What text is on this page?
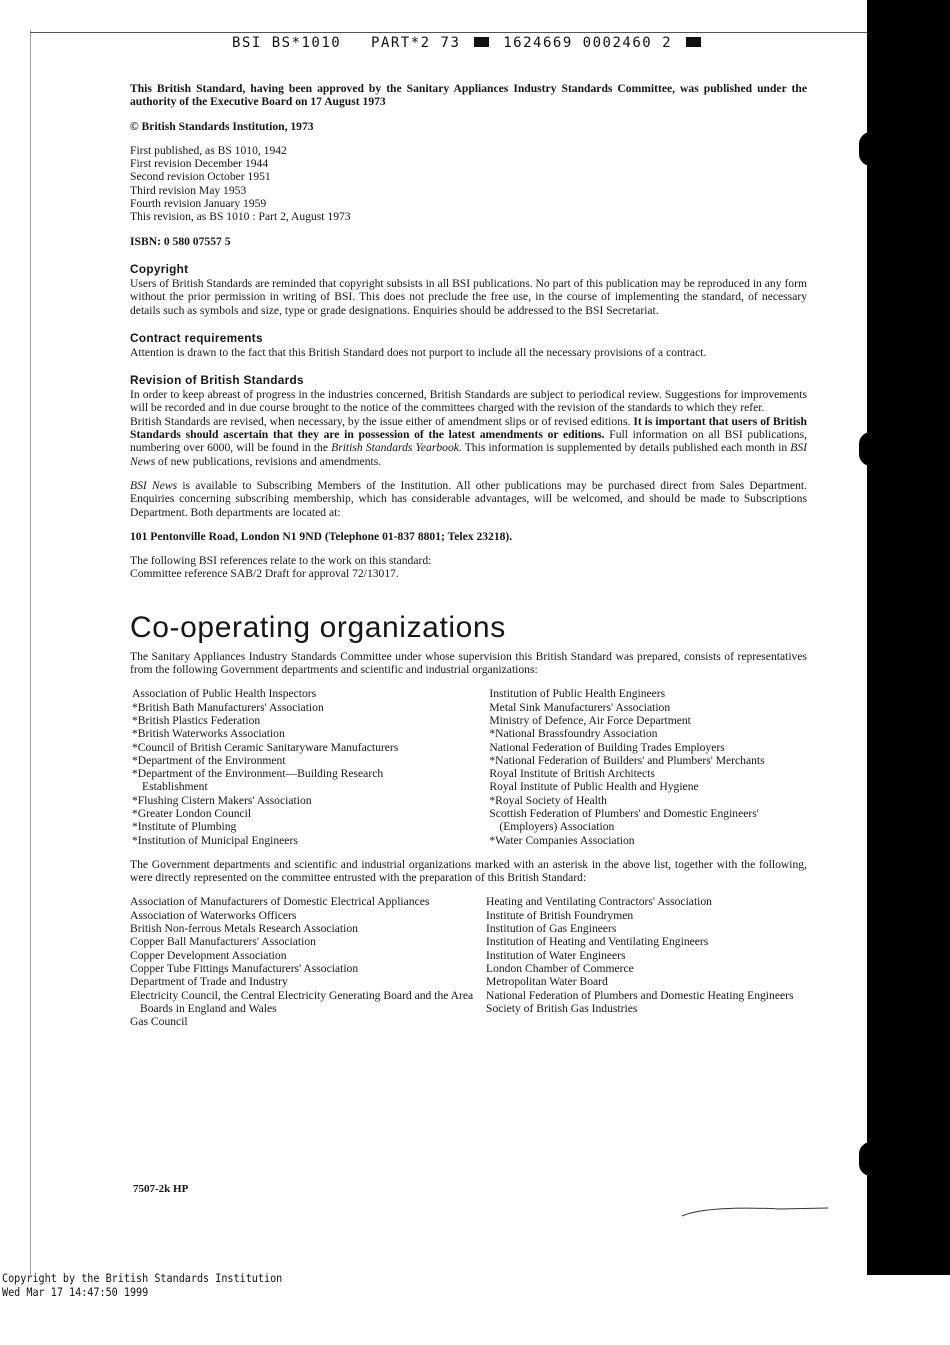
BSI BS*1010 PART*2 73	1624669 0002460 2

This British Standard, having been approved by the Sanitary Appliances Industry Standards Committee, was published under the authority of the Executive Board on 17 August 1973

© British Standards Institution, 1973

First published, as BS 1010, 1942

First revision December 1944

Second revision October 1951

Third revision May 1953

Fourth revision January 1959

This revision, as BS 1010 : Part 2, August 1973

ISBN: 0 580 07557 5

Copyright

Users of British Standards are reminded that copyright subsists in all BSI publications. No part of this publication may be reproduced in any form without the prior permission in writing of BSI. This does not preclude the free use, in the course of implementing the standard, of necessary details such as symbols and size, type or grade designations. Enquiries should be addressed to the BSI Secretariat.

Contract requirements

Attention is drawn to the fact that this British Standard does not purport to include all the necessary provisions of a contract.

Revision of British Standards

In order to keep abreast of progress in the industries concerned, British Standards are subject to periodical review. Suggestions for improvements will be recorded and in due course brought to the notice of the committees charged with the revision of the standards to which they refer.

British Standards are revised, when necessary, by the issue either of amendment slips or of revised editions. It is important that users of British Standards should ascertain that they are in possession of the latest amendments or editions. Full information on all BSI publications, numbering over 6000, will be found in the British Standards Yearbook. This information is supplemented by details published each month in BSI News of new publications, revisions and amendments.

BSI News is available to Subscribing Members of the Institution. All other publications may be purchased direct from Sales Department. Enquiries concerning subscribing membership, which has considerable advantages, will be welcomed, and should be made to Subscriptions Department. Both departments are located at:

101 Pentonville Road, London N1 9ND (Telephone 01-837 8801; Telex 23218).

The following BSI references relate to the work on this standard:

Committee reference SAB/2 Draft for approval 72/13017.

Co-operating organizations

The Sanitary Appliances Industry Standards Committee under whose supervision this British Standard was prepared, consists of representatives from the following Government departments and scientific and industrial organizations:

Association of Public Health Inspectors
*British Bath Manufacturers' Association
*British Plastics Federation
*British Waterworks Association
*Council of British Ceramic Sanitaryware Manufacturers
*Department of the Environment
*Department of the Environment—Building Research Establishment
*Flushing Cistern Makers' Association
*Greater London Council
*Institute of Plumbing
*Institution of Municipal Engineers
Institution of Public Health Engineers
Metal Sink Manufacturers' Association
Ministry of Defence, Air Force Department
*National Brassfoundry Association
National Federation of Building Trades Employers
*National Federation of Builders' and Plumbers' Merchants
Royal Institute of British Architects
Royal Institute of Public Health and Hygiene
*Royal Society of Health
Scottish Federation of Plumbers' and Domestic Engineers' (Employers) Association
*Water Companies Association

The Government departments and scientific and industrial organizations marked with an asterisk in the above list, together with the following, were directly represented on the committee entrusted with the preparation of this British Standard:

Association of Manufacturers of Domestic Electrical Appliances
Association of Waterworks Officers
British Non-ferrous Metals Research Association
Copper Ball Manufacturers' Association
Copper Development Association
Copper Tube Fittings Manufacturers' Association
Department of Trade and Industry
Electricity Council, the Central Electricity Generating Board and the Area Boards in England and Wales
Gas Council
Heating and Ventilating Contractors' Association
Institute of British Foundrymen
Institution of Gas Engineers
Institution of Heating and Ventilating Engineers
Institution of Water Engineers
London Chamber of Commerce
Metropolitan Water Board
National Federation of Plumbers and Domestic Heating Engineers
Society of British Gas Industries
7507-2k HP
Copyright by the British Standards Institution
Wed Mar 17 14:47:50 1999
